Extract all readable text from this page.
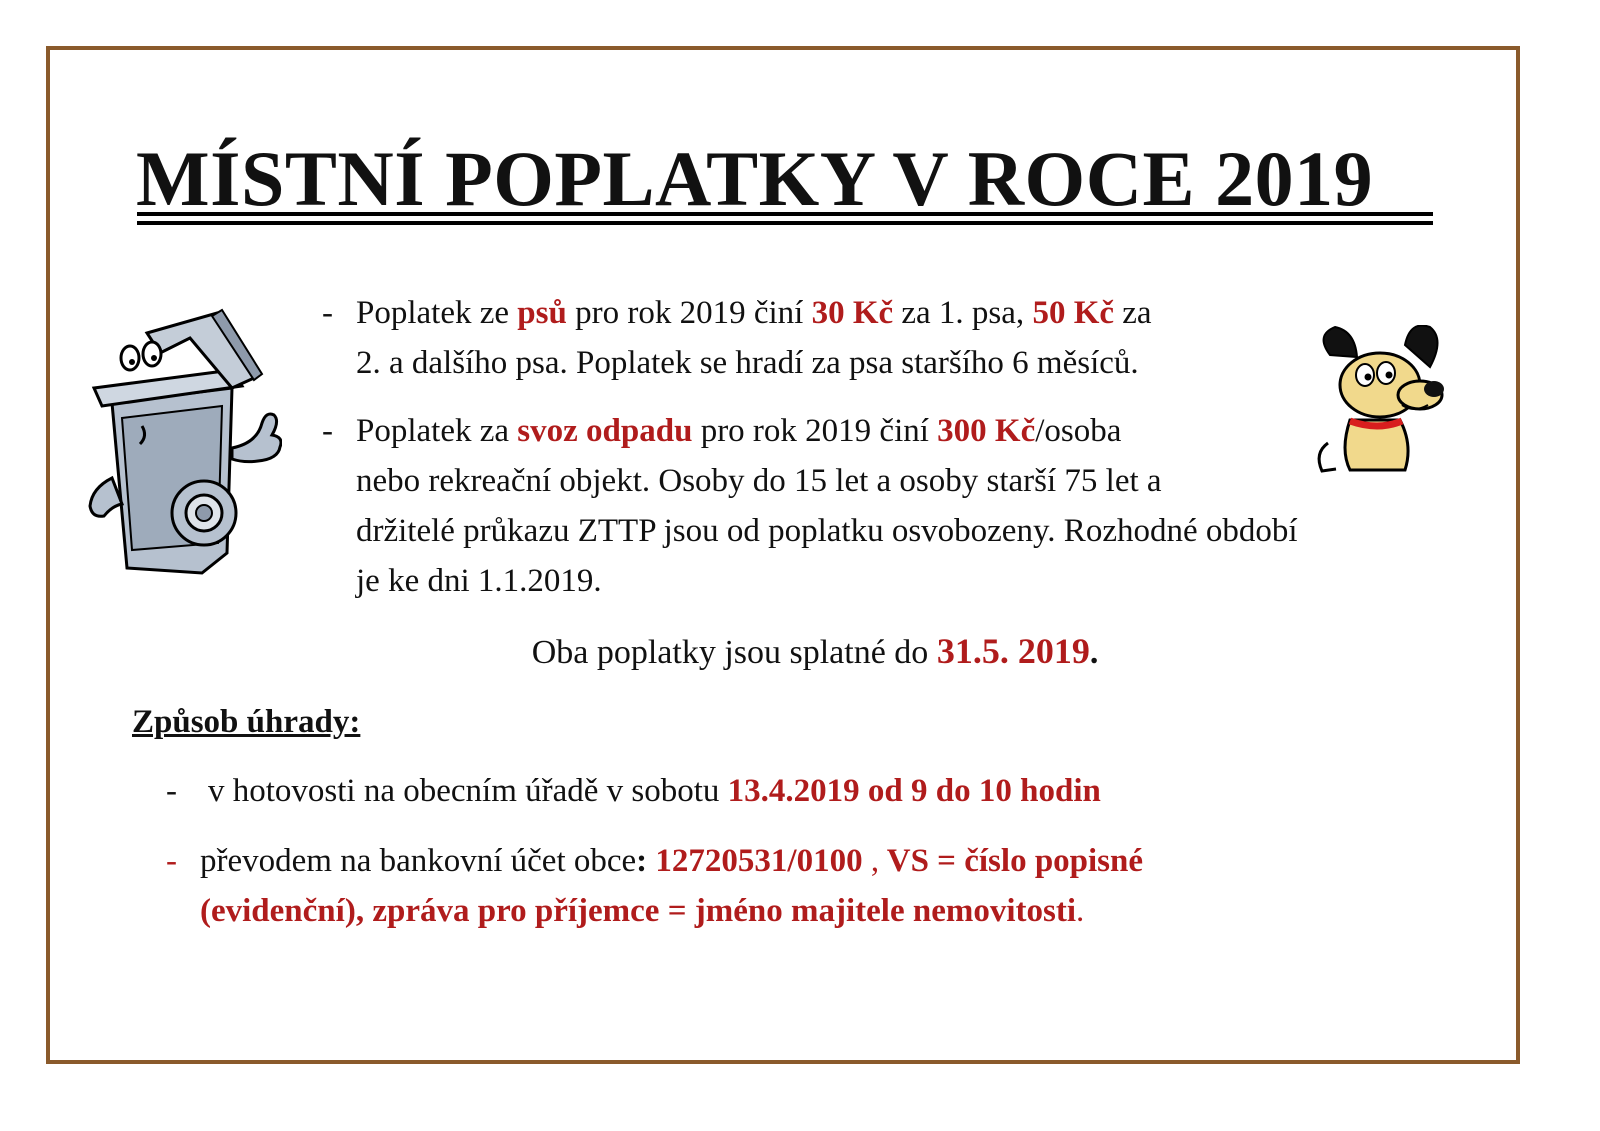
MÍSTNÍ POPLATKY V ROCE 2019
- Poplatek ze psů pro rok 2019 činí 30 Kč za 1. psa, 50 Kč za
2. a dalšího psa. Poplatek se hradí za psa staršího 6 měsíců.
- Poplatek za svoz odpadu pro rok 2019 činí 300 Kč/osoba
nebo rekreační objekt. Osoby do 15 let a osoby starší 75 let a
držitelé průkazu ZTTP jsou od poplatku osvobozeny. Rozhodné období
je ke dni 1.1.2019.
Oba poplatky jsou splatné do 31.5. 2019.
Způsob úhrady:
- v hotovosti na obecním úřadě v sobotu 13.4.2019 od 9 do 10 hodin
- převodem na bankovní účet obce: 12720531/0100 , VS = číslo popisné
(evidenční), zpráva pro příjemce = jméno majitele nemovitosti.
